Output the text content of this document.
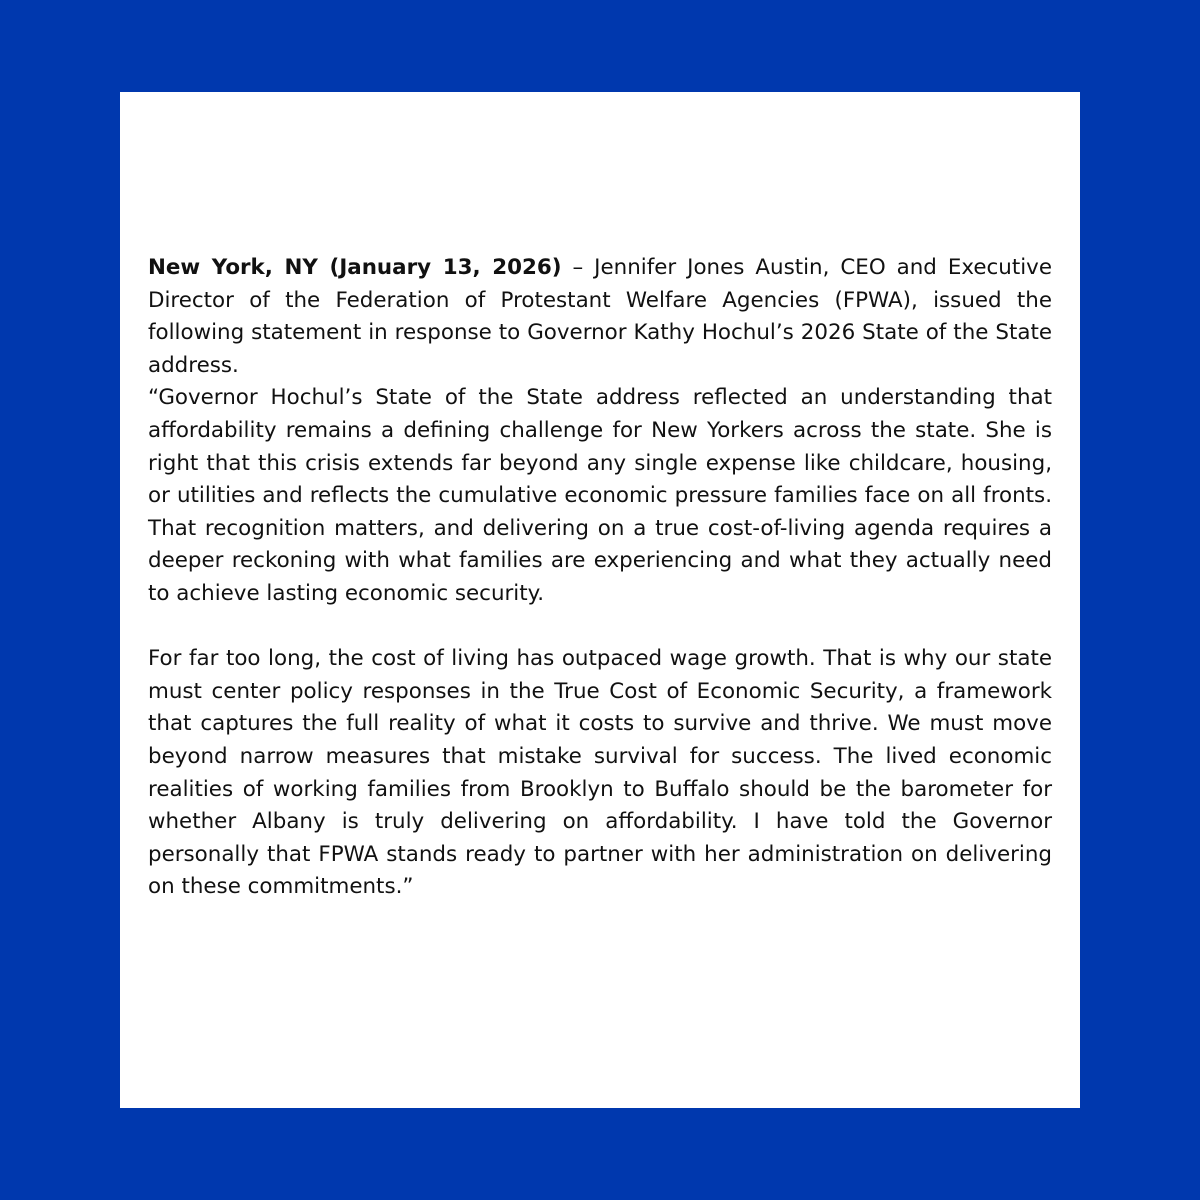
New York, NY (January 13, 2026) – Jennifer Jones Austin, CEO and Executive Director of the Federation of Protestant Welfare Agencies (FPWA), issued the following statement in response to Governor Kathy Hochul’s 2026 State of the State address.

“Governor Hochul’s State of the State address reflected an understanding that affordability remains a defining challenge for New Yorkers across the state. She is right that this crisis extends far beyond any single expense like childcare, housing, or utilities and reflects the cumulative economic pressure families face on all fronts. That recognition matters, and delivering on a true cost-of-living agenda requires a deeper reckoning with what families are experiencing and what they actually need to achieve lasting economic security.

For far too long, the cost of living has outpaced wage growth. That is why our state must center policy responses in the True Cost of Economic Security, a framework that captures the full reality of what it costs to survive and thrive. We must move beyond narrow measures that mistake survival for success. The lived economic realities of working families from Brooklyn to Buffalo should be the barometer for whether Albany is truly delivering on affordability. I have told the Governor personally that FPWA stands ready to partner with her administration on delivering on these commitments.”
